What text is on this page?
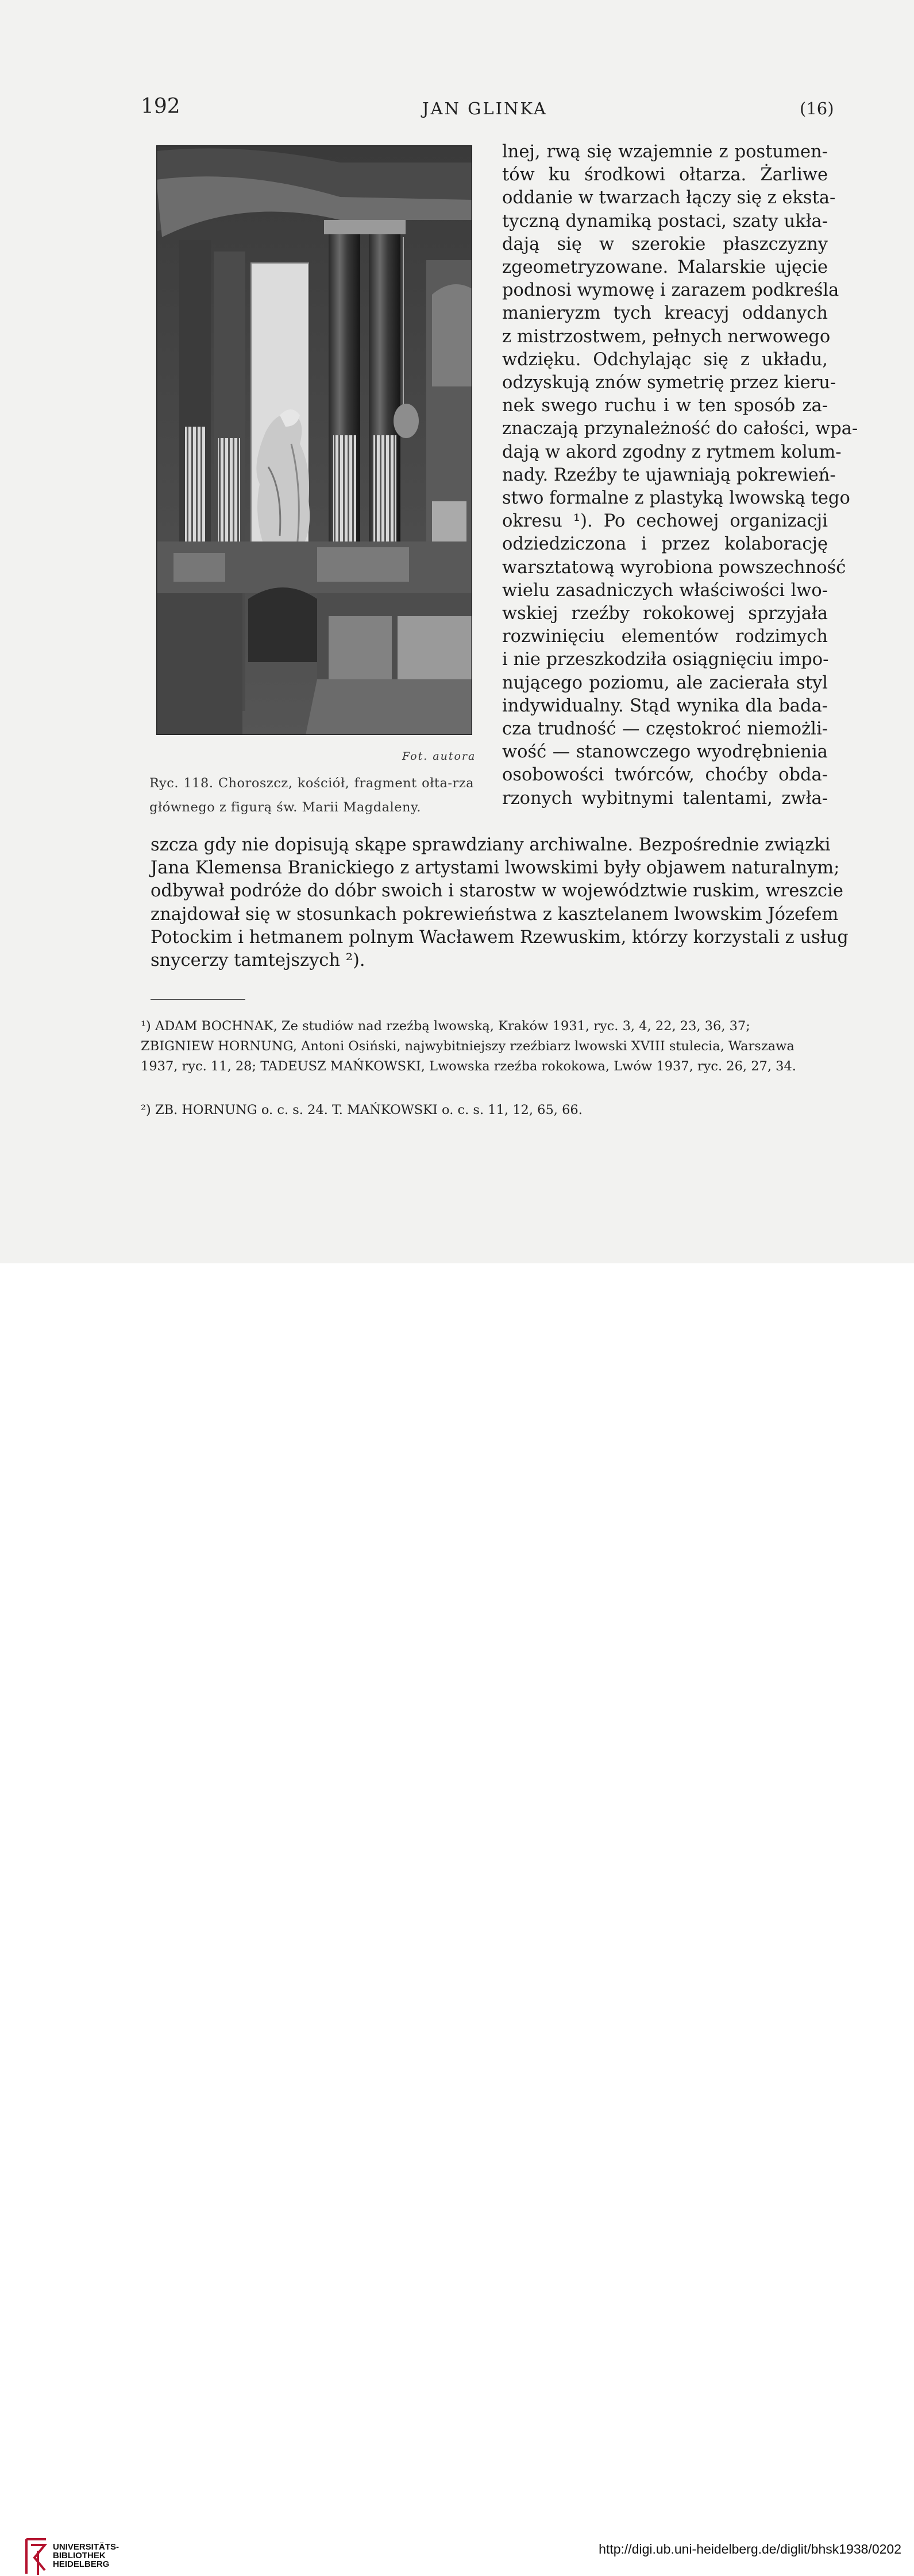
192	JAN GLINKA	(16)
Fot. autora
Ryc. 118. Choroszcz, kościół, fragment ołta-rza głównego z figurą św. Marii Magdaleny.
lnej, rwą się wzajemnie z postumen-
tów ku środkowi ołtarza. Żarliwe
oddanie w twarzach łączy się z eksta-
tyczną dynamiką postaci, szaty ukła-
dają się w szerokie płaszczyzny
zgeometryzowane. Malarskie ujęcie
podnosi wymowę i zarazem podkreśla
manieryzm tych kreacyj oddanych
z mistrzostwem, pełnych nerwowego
wdzięku. Odchylając się z układu,
odzyskują znów symetrię przez kieru-
nek swego ruchu i w ten sposób za-
znaczają przynależność do całości, wpa-
dają w akord zgodny z rytmem kolum-
nady. Rzeźby te ujawniają pokrewień-
stwo formalne z plastyką lwowską tego
okresu ¹). Po cechowej organizacji
odziedziczona i przez kolaborację
warsztatową wyrobiona powszechność
wielu zasadniczych właściwości lwo-
wskiej rzeźby rokokowej sprzyjała
rozwinięciu elementów rodzimych
i nie przeszkodziła osiągnięciu impo-
nującego poziomu, ale zacierała styl
indywidualny. Stąd wynika dla bada-
cza trudność — częstokroć niemożli-
wość — stanowczego wyodrębnienia
osobowości twórców, choćby obda-
rzonych wybitnymi talentami, zwła-
szcza gdy nie dopisują skąpe sprawdziany archiwalne. Bezpośrednie związki
Jana Klemensa Branickiego z artystami lwowskimi były objawem naturalnym;
odbywał podróże do dóbr swoich i starostw w województwie ruskim, wreszcie
znajdował się w stosunkach pokrewieństwa z kasztelanem lwowskim Józefem
Potockim i hetmanem polnym Wacławem Rzewuskim, którzy korzystali z usług
snycerzy tamtejszych ²).
¹) ADAM BOCHNAK, Ze studiów nad rzeźbą lwowską, Kraków 1931, ryc. 3, 4, 22, 23, 36, 37; ZBIGNIEW HORNUNG, Antoni Osiński, najwybitniejszy rzeźbiarz lwowski XVIII stulecia, Warszawa 1937, ryc. 11, 28; TADEUSZ MAŃKOWSKI, Lwowska rzeźba rokokowa, Lwów 1937, ryc. 26, 27, 34.
²) ZB. HORNUNG o. c. s. 24. T. MAŃKOWSKI o. c. s. 11, 12, 65, 66.
UNIVERSITÄTS-
BIBLIOTHEK
HEIDELBERG
http://digi.ub.uni-heidelberg.de/diglit/bhsk1938/0202
